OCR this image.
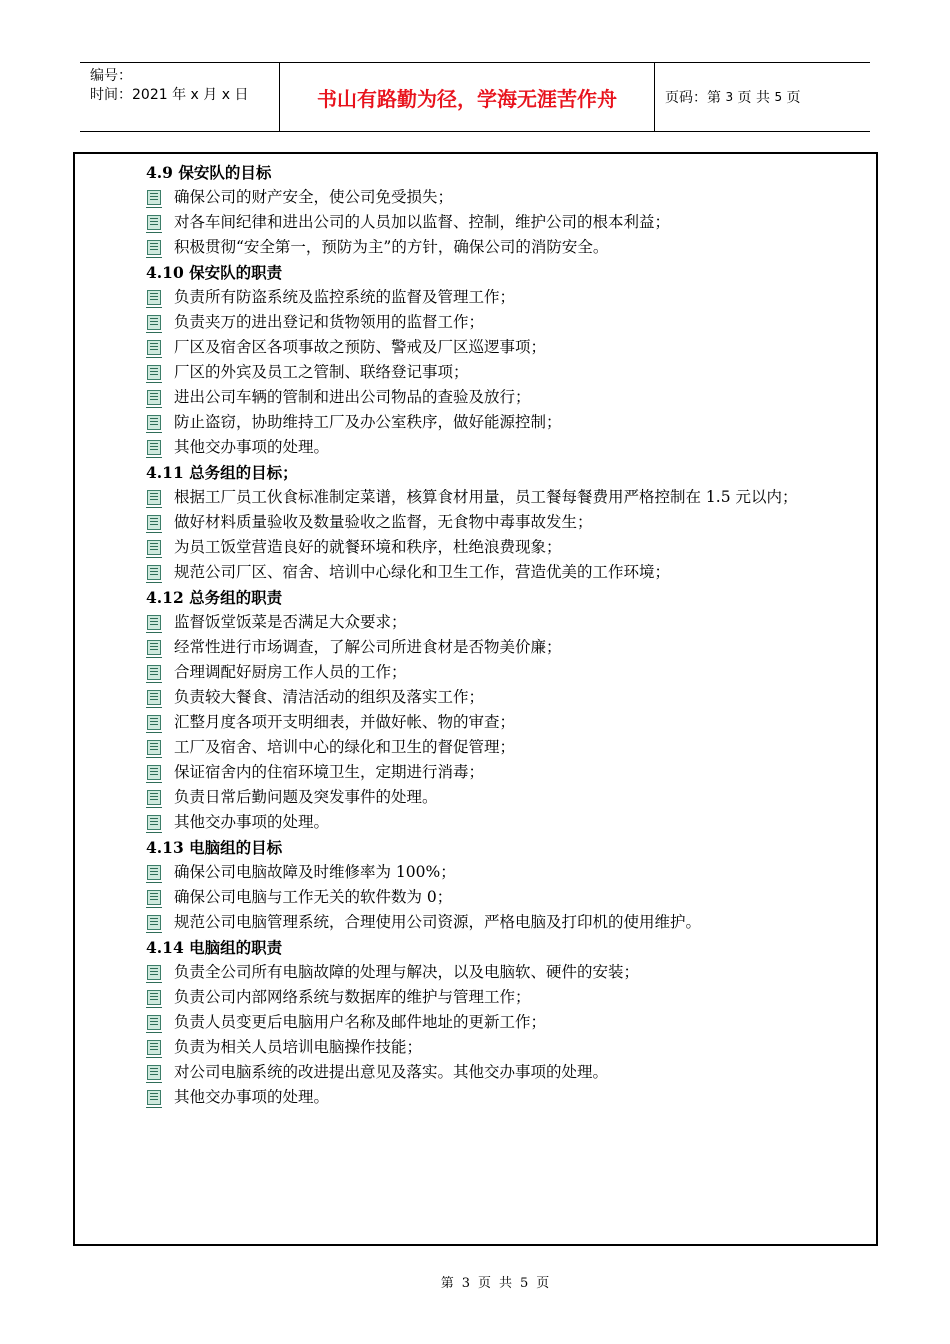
编号：
时间：2021 年 x 月 x 日	书山有路勤为径，学海无涯苦作舟	页码：第
3
页 共
5
页
4.9 保安队的目标
确保公司的财产安全，使公司免受损失；
对各车间纪律和进出公司的人员加以监督、控制，维护公司的根本利益；
积极贯彻“安全第一，预防为主”的方针，确保公司的消防安全。
4.10 保安队的职责
负责所有防盗系统及监控系统的监督及管理工作；
负责夹万的进出登记和货物领用的监督工作；
厂区及宿舍区各项事故之预防、警戒及厂区巡逻事项；
厂区的外宾及员工之管制、联络登记事项；
进出公司车辆的管制和进出公司物品的查验及放行；
防止盗窃，协助维持工厂及办公室秩序，做好能源控制；
其他交办事项的处理。
4.11 总务组的目标；
根据工厂员工伙食标准制定菜谱，核算食材用量，员工餐每餐费用严格控制在 1.5 元以内；
做好材料质量验收及数量验收之监督，无食物中毒事故发生；
为员工饭堂营造良好的就餐环境和秩序，杜绝浪费现象；
规范公司厂区、宿舍、培训中心绿化和卫生工作，营造优美的工作环境；
4.12 总务组的职责
监督饭堂饭菜是否满足大众要求；
经常性进行市场调查，了解公司所进食材是否物美价廉；
合理调配好厨房工作人员的工作；
负责较大餐食、清洁活动的组织及落实工作；
汇整月度各项开支明细表，并做好帐、物的审查；
工厂及宿舍、培训中心的绿化和卫生的督促管理；
保证宿舍内的住宿环境卫生，定期进行消毒；
负责日常后勤问题及突发事件的处理。
其他交办事项的处理。
4.13 电脑组的目标
确保公司电脑故障及时维修率为 100%；
确保公司电脑与工作无关的软件数为 0；
规范公司电脑管理系统，合理使用公司资源，严格电脑及打印机的使用维护。
4.14 电脑组的职责
负责全公司所有电脑故障的处理与解决，以及电脑软、硬件的安装；
负责公司内部网络系统与数据库的维护与管理工作；
负责人员变更后电脑用户名称及邮件地址的更新工作；
负责为相关人员培训电脑操作技能；
对公司电脑系统的改进提出意见及落实。其他交办事项的处理。
其他交办事项的处理。
第 3 页 共 5 页
